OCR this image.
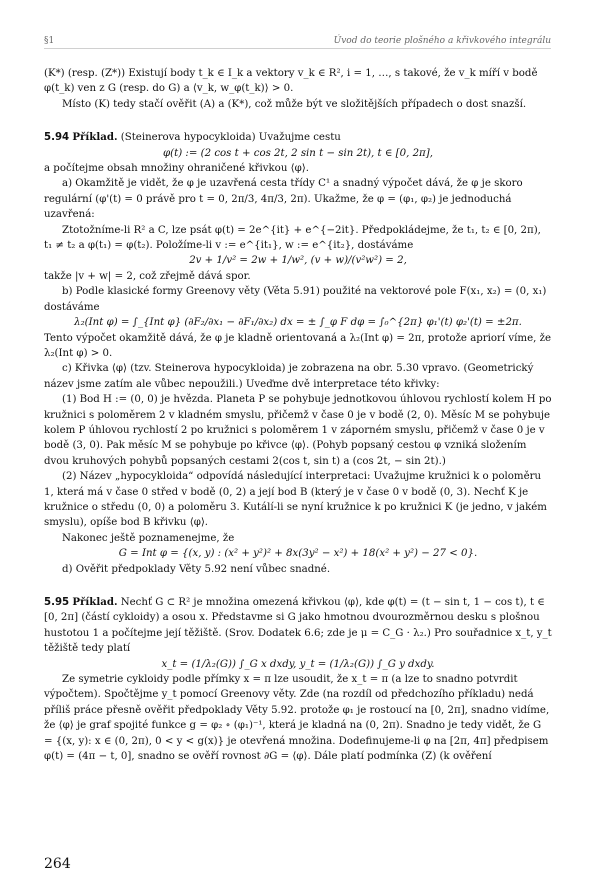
§1	Úvod do teorie plošného a křivkového integrálu

(K*) (resp. (Z*)) Existují body t_k ∈ I_k a vektory v_k ∈ R², i = 1, …, s takové, že v_k míří v bodě φ(t_k) ven z G (resp. do G) a ⟨v_k, w_φ(t_k)⟩ > 0.

Místo (K) tedy stačí ověřit (A) a (K*), což může být ve složitějších případech o dost snazší.

5.94 Příklad. (Steinerova hypocykloida) Uvažujme cestu

φ(t) := (2 cos t + cos 2t, 2 sin t − sin 2t), t ∈ [0, 2π],

a počítejme obsah množiny ohraničené křivkou ⟨φ⟩.

a) Okamžitě je vidět, že φ je uzavřená cesta třídy C¹ a snadný výpočet dává, že φ je skoro regulární (φ'(t) = 0 právě pro t = 0, 2π/3, 4π/3, 2π). Ukažme, že φ = (φ₁, φ₂) je jednoduchá uzavřená:

Ztotožníme-li R² a C, lze psát φ(t) = 2e^{it} + e^{−2it}. Předpokládejme, že t₁, t₂ ∈ [0, 2π), t₁ ≠ t₂ a φ(t₁) = φ(t₂). Položíme-li v := e^{it₁}, w := e^{it₂}, dostáváme

2v + 1/v² = 2w + 1/w², (v + w)/(v²w²) = 2,

takže |v + w| = 2, což zřejmě dává spor.

b) Podle klasické formy Greenovy věty (Věta 5.91) použité na vektorové pole F(x₁, x₂) = (0, x₁) dostáváme

λ₂(Int φ) = ∫_{Int φ} (∂F₂/∂x₁ − ∂F₁/∂x₂) dx = ± ∫_φ F dφ = ∫₀^{2π} φ₁'(t) φ₂'(t) = ±2π.

Tento výpočet okamžitě dává, že φ je kladně orientovaná a λ₂(Int φ) = 2π, protože apriorí víme, že λ₂(Int φ) > 0.

c) Křivka ⟨φ⟩ (tzv. Steinerova hypocykloida) je zobrazena na obr. 5.30 vpravo. (Geometrický název jsme zatím ale vůbec nepoužili.) Uveďme dvě interpretace této křivky:

(1) Bod H := (0, 0) je hvězda. Planeta P se pohybuje jednotkovou úhlovou rychlostí kolem H po kružnici s poloměrem 2 v kladném smyslu, přičemž v čase 0 je v bodě (2, 0). Měsíc M se pohybuje kolem P úhlovou rychlostí 2 po kružnici s poloměrem 1 v záporném smyslu, přičemž v čase 0 je v bodě (3, 0). Pak měsíc M se pohybuje po křivce ⟨φ⟩. (Pohyb popsaný cestou φ vzniká složením dvou kruhových pohybů popsaných cestami 2(cos t, sin t) a (cos 2t, − sin 2t).)

(2) Název „hypocykloida“ odpovídá následující interpretaci: Uvažujme kružnici k o poloměru 1, která má v čase 0 střed v bodě (0, 2) a její bod B (který je v čase 0 v bodě (0, 3). Nechť K je kružnice o středu (0, 0) a poloměru 3. Kutálí-li se nyní kružnice k po kružnici K (je jedno, v jakém smyslu), opíše bod B křivku ⟨φ⟩.

Nakonec ještě poznamenejme, že

G = Int φ = {(x, y) : (x² + y²)² + 8x(3y² − x²) + 18(x² + y²) − 27 < 0}.

d) Ověřit předpoklady Věty 5.92 není vůbec snadné.

5.95 Příklad. Nechť G ⊂ R² je množina omezená křivkou ⟨φ⟩, kde φ(t) = (t − sin t, 1 − cos t), t ∈ [0, 2π] (částí cykloidy) a osou x. Představme si G jako hmotnou dvourozměrnou desku s plošnou hustotou 1 a počítejme její těžiště. (Srov. Dodatek 6.6; zde je μ = C_G · λ₂.) Pro souřadnice x_t, y_t těžiště tedy platí

x_t = (1/λ₂(G)) ∫_G x dxdy, y_t = (1/λ₂(G)) ∫_G y dxdy.

Ze symetrie cykloidy podle přímky x = π lze usoudit, že x_t = π (a lze to snadno potvrdit výpočtem). Spočtějme y_t pomocí Greenovy věty. Zde (na rozdíl od předchozího příkladu) nedá příliš práce přesně ověřit předpoklady Věty 5.92. protože φ₁ je rostoucí na [0, 2π], snadno vidíme, že ⟨φ⟩ je graf spojité funkce g = φ₂ ∘ (φ₁)⁻¹, která je kladná na (0, 2π). Snadno je tedy vidět, že G = {(x, y): x ∈ (0, 2π), 0 < y < g(x)} je otevřená množina. Dodefinujeme-li φ na [2π, 4π] předpisem φ(t) = (4π − t, 0], snadno se ověří rovnost ∂G = ⟨φ⟩. Dále platí podmínka (Z) (k ověření

264
